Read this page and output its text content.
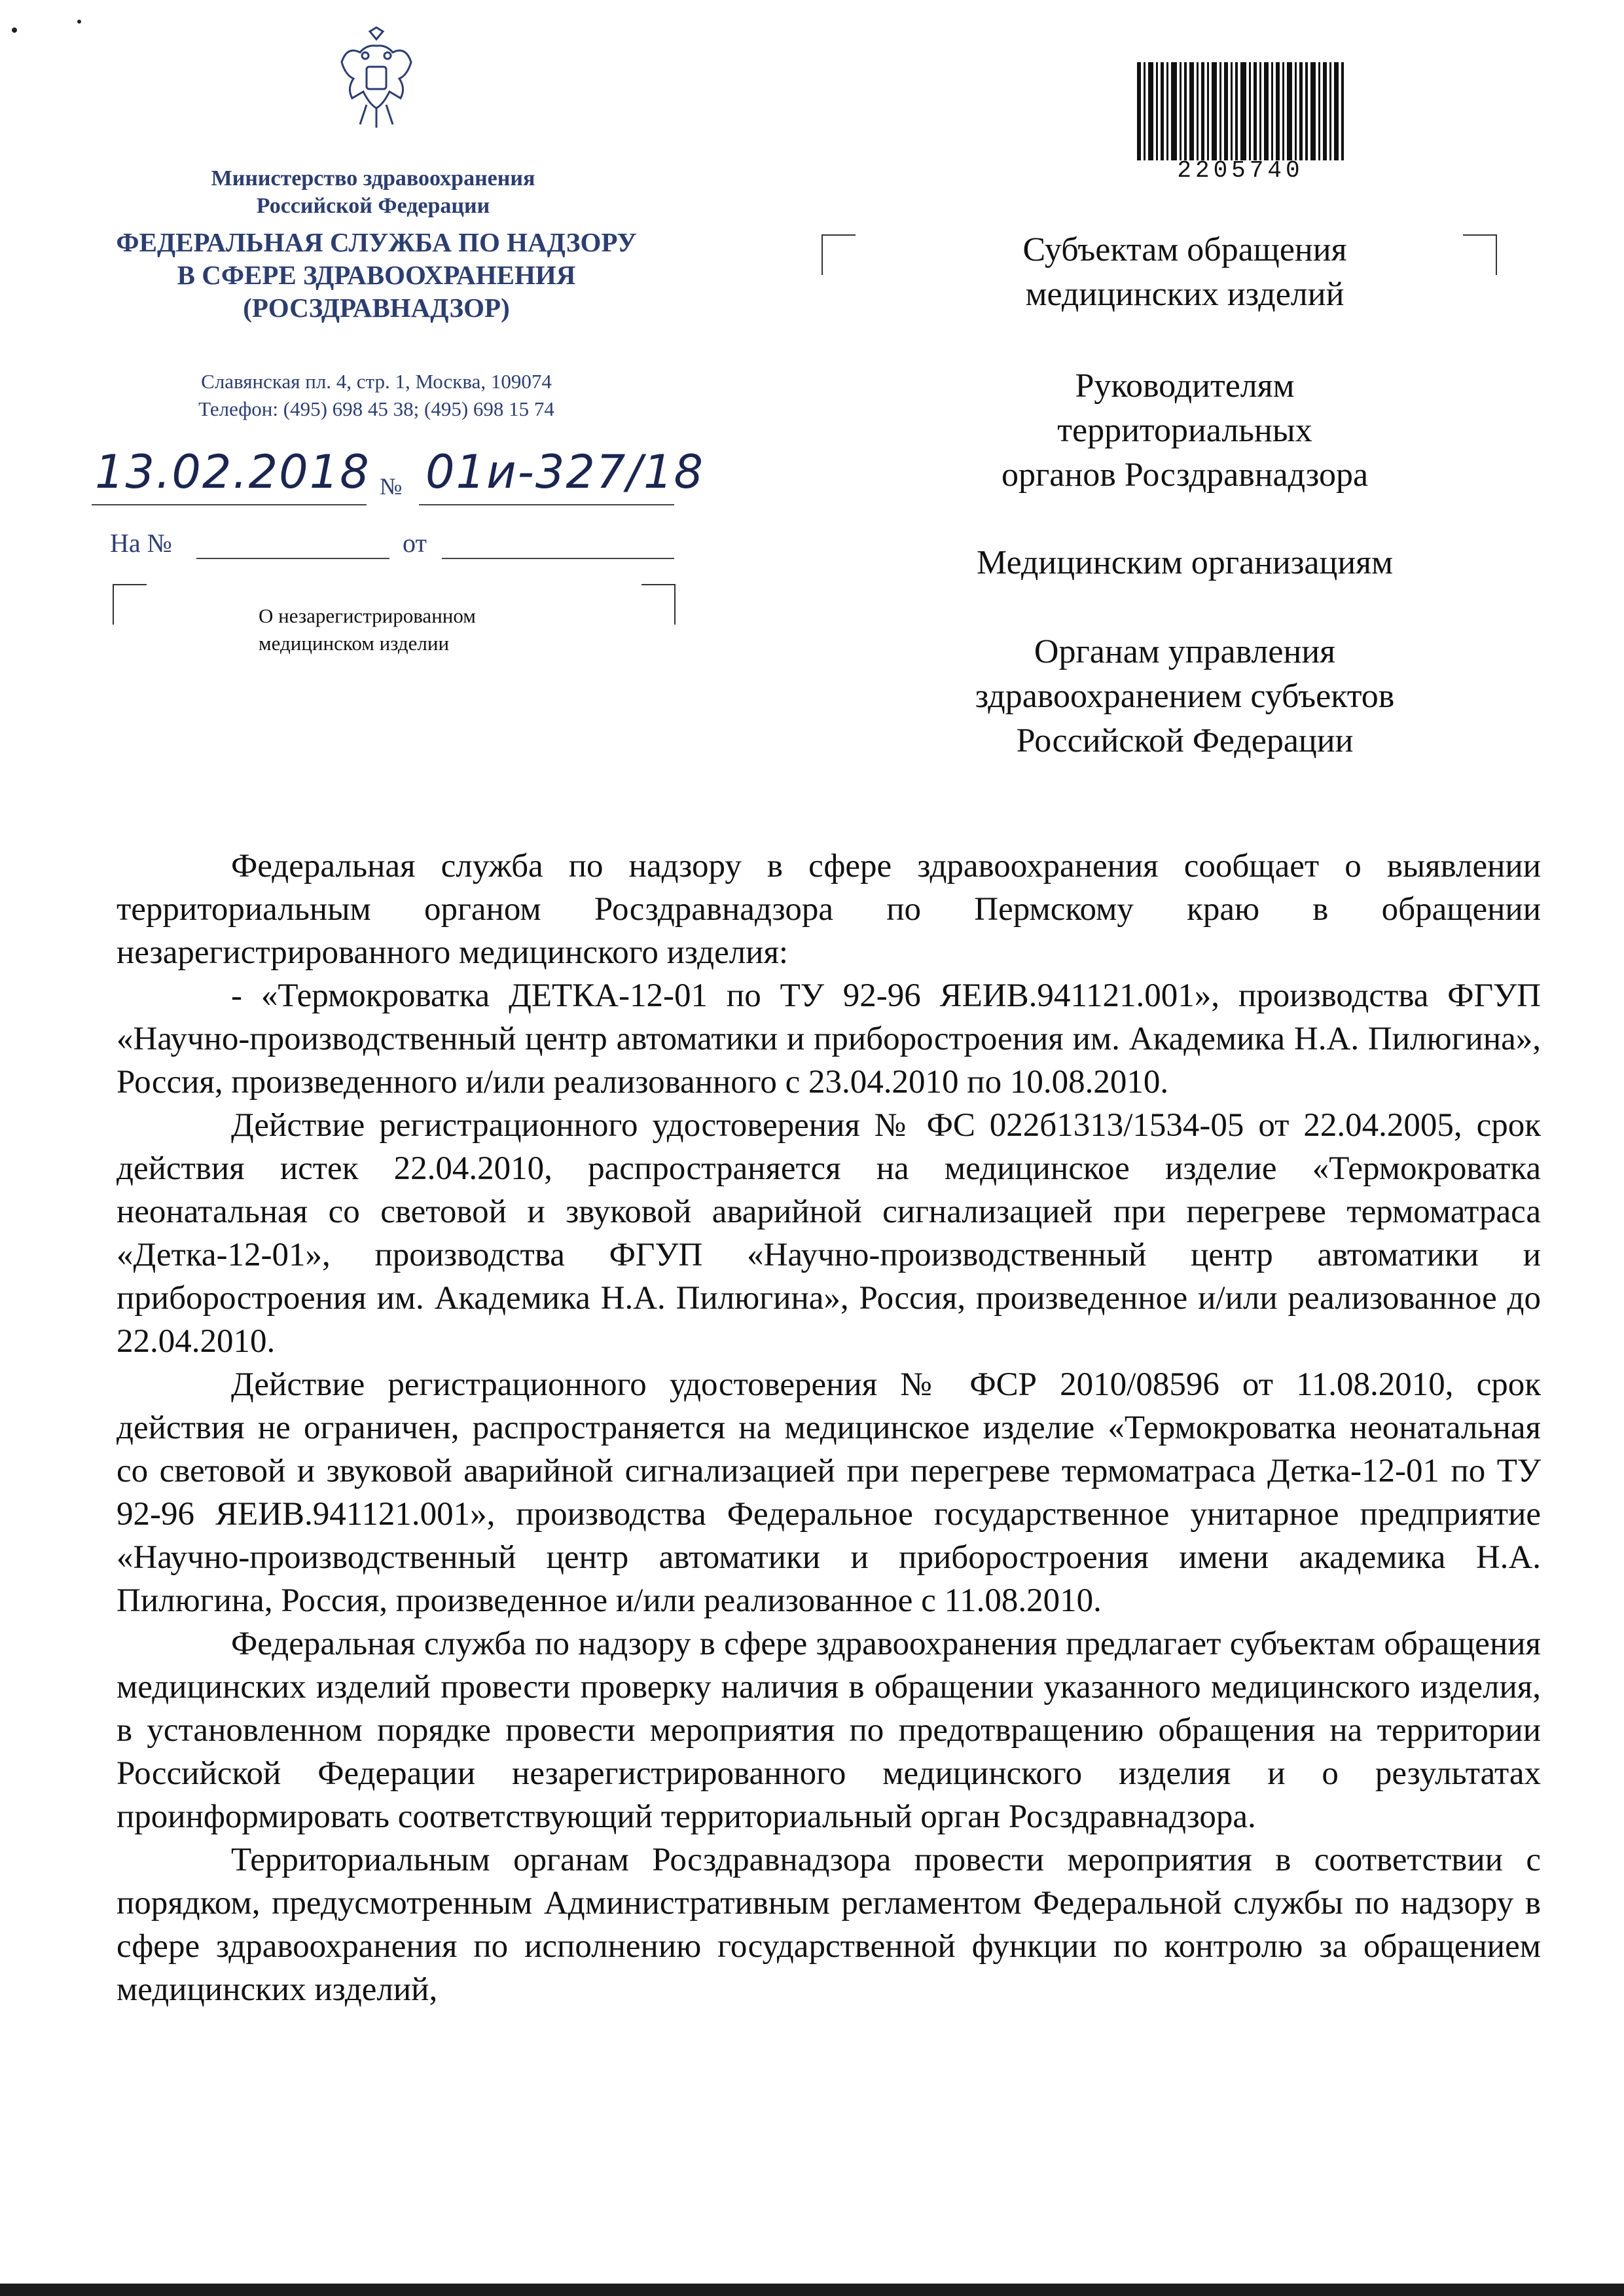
Министерство здравоохранения
Российской Федерации
ФЕДЕРАЛЬНАЯ СЛУЖБА ПО НАДЗОРУ
В СФЕРЕ ЗДРАВООХРАНЕНИЯ
(РОСЗДРАВНАДЗОР)
Славянская пл. 4, стр. 1, Москва, 109074
Телефон: (495) 698 45 38; (495) 698 15 74
13.02.2018 № 01и-327/18
На №	от
О незарегистрированном
медицинском изделии
2205740
Субъектам обращения
медицинских изделий
Руководителям
территориальных
органов Росздравнадзора
Медицинским организациям
Органам управления
здравоохранением субъектов
Российской Федерации

Федеральная служба по надзору в сфере здравоохранения сообщает о выявлении территориальным органом Росздравнадзора по Пермскому краю в обращении незарегистрированного медицинского изделия:

- «Термокроватка ДЕТКА-12-01 по ТУ 92-96 ЯЕИВ.941121.001», производства ФГУП «Научно-производственный центр автоматики и приборостроения им. Академика Н.А. Пилюгина», Россия, произведенного и/или реализованного с 23.04.2010 по 10.08.2010.

Действие регистрационного удостоверения № ФС 022б1313/1534-05 от 22.04.2005, срок действия истек 22.04.2010, распространяется на медицинское изделие «Термокроватка неонатальная со световой и звуковой аварийной сигнализацией при перегреве термоматраса «Детка-12-01», производства ФГУП «Научно-производственный центр автоматики и приборостроения им. Академика Н.А. Пилюгина», Россия, произведенное и/или реализованное до 22.04.2010.

Действие регистрационного удостоверения № ФСР 2010/08596 от 11.08.2010, срок действия не ограничен, распространяется на медицинское изделие «Термокроватка неонатальная со световой и звуковой аварийной сигнализацией при перегреве термоматраса Детка-12-01 по ТУ 92-96 ЯЕИВ.941121.001», производства Федеральное государственное унитарное предприятие «Научно-производственный центр автоматики и приборостроения имени академика Н.А. Пилюгина, Россия, произведенное и/или реализованное с 11.08.2010.

Федеральная служба по надзору в сфере здравоохранения предлагает субъектам обращения медицинских изделий провести проверку наличия в обращении указанного медицинского изделия, в установленном порядке провести мероприятия по предотвращению обращения на территории Российской Федерации незарегистрированного медицинского изделия и о результатах проинформировать соответствующий территориальный орган Росздравнадзора.

Территориальным органам Росздравнадзора провести мероприятия в соответствии с порядком, предусмотренным Административным регламентом Федеральной службы по надзору в сфере здравоохранения по исполнению государственной функции по контролю за обращением медицинских изделий,
